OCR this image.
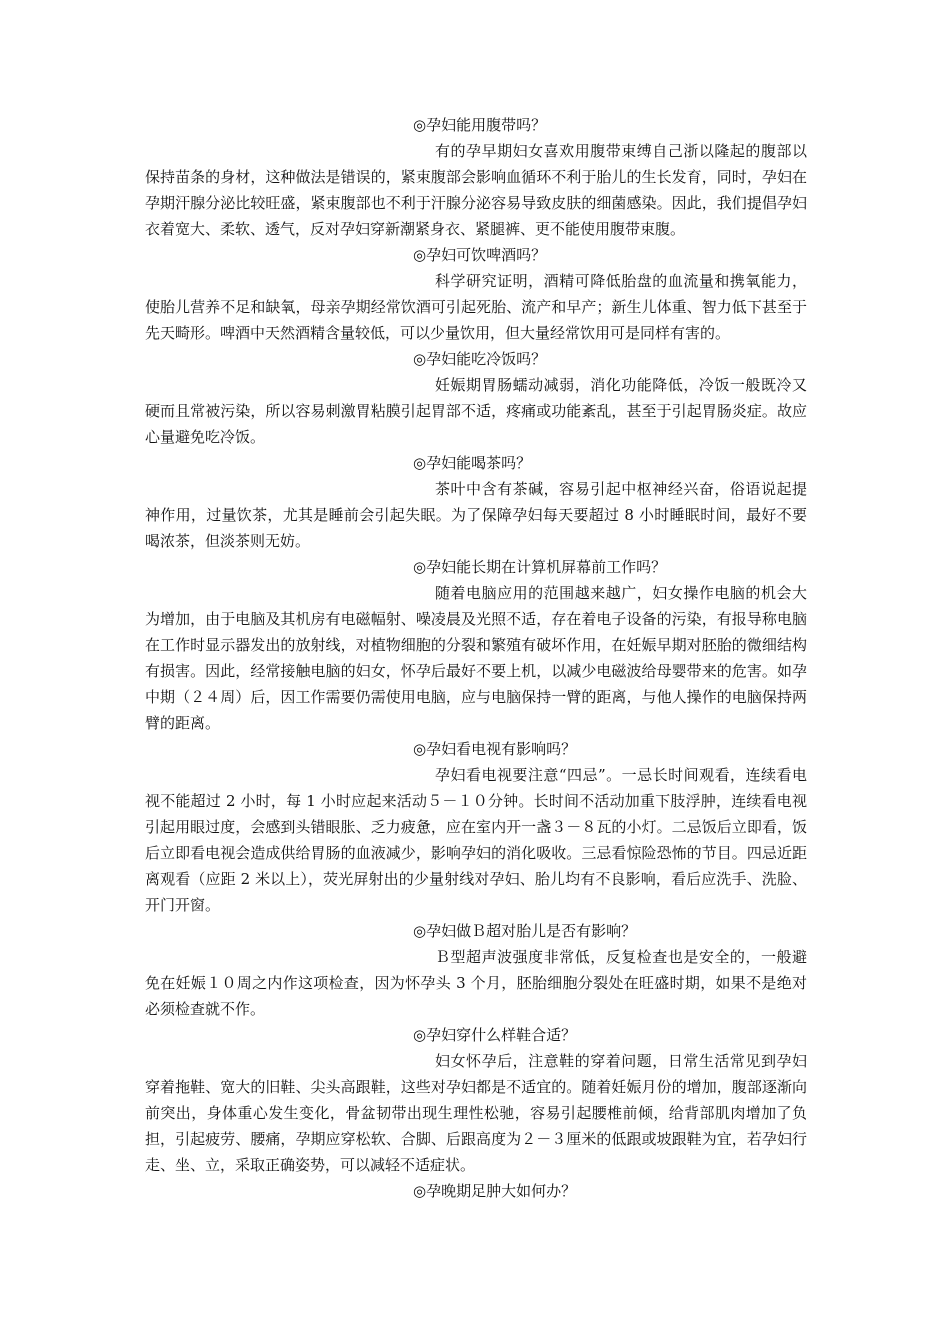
◎孕妇能用腹带吗？

有的孕早期妇女喜欢用腹带束缚自己浙以隆起的腹部以保持苗条的身材，这种做法是错误的，紧束腹部会影响血循环不利于胎儿的生长发育，同时，孕妇在孕期汗腺分泌比较旺盛，紧束腹部也不利于汗腺分泌容易导致皮肤的细菌感染。因此，我们提倡孕妇衣着宽大、柔软、透气，反对孕妇穿新潮紧身衣、紧腿裤、更不能使用腹带束腹。

◎孕妇可饮啤酒吗？

科学研究证明，酒精可降低胎盘的血流量和携氧能力，使胎儿营养不足和缺氧，母亲孕期经常饮酒可引起死胎、流产和早产；新生儿体重、智力低下甚至于先天畸形。啤酒中天然酒精含量较低，可以少量饮用，但大量经常饮用可是同样有害的。

◎孕妇能吃冷饭吗？

妊娠期胃肠蠕动减弱，消化功能降低，冷饭一般既冷又硬而且常被污染，所以容易刺激胃粘膜引起胃部不适，疼痛或功能紊乱，甚至于引起胃肠炎症。故应心量避免吃冷饭。

◎孕妇能喝茶吗？

茶叶中含有茶碱，容易引起中枢神经兴奋，俗语说起提神作用，过量饮茶，尤其是睡前会引起失眠。为了保障孕妇每天要超过 8 小时睡眠时间，最好不要喝浓茶，但淡茶则无妨。

◎孕妇能长期在计算机屏幕前工作吗？

随着电脑应用的范围越来越广，妇女操作电脑的机会大为增加，由于电脑及其机房有电磁幅射、噪凌晨及光照不适，存在着电子设备的污染，有报导称电脑在工作时显示器发出的放射线，对植物细胞的分裂和繁殖有破坏作用，在妊娠早期对胚胎的微细结构有损害。因此，经常接触电脑的妇女，怀孕后最好不要上机，以减少电磁波给母婴带来的危害。如孕中期（２４周）后，因工作需要仍需使用电脑，应与电脑保持一臂的距离，与他人操作的电脑保持两臂的距离。

◎孕妇看电视有影响吗？

孕妇看电视要注意“四忌”。一忌长时间观看，连续看电视不能超过 2 小时，每 1 小时应起来活动５－１０分钟。长时间不活动加重下肢浮肿，连续看电视引起用眼过度，会感到头错眼胀、乏力疲惫，应在室内开一盏３－８瓦的小灯。二忌饭后立即看，饭后立即看电视会造成供给胃肠的血液减少，影响孕妇的消化吸收。三忌看惊险恐怖的节目。四忌近距离观看（应距 2 米以上），荧光屏射出的少量射线对孕妇、胎儿均有不良影响，看后应洗手、洗脸、开门开窗。

◎孕妇做Ｂ超对胎儿是否有影响？

Ｂ型超声波强度非常低，反复检查也是安全的，一般避免在妊娠１０周之内作这项检查，因为怀孕头 3 个月，胚胎细胞分裂处在旺盛时期，如果不是绝对必须检查就不作。

◎孕妇穿什么样鞋合适？

妇女怀孕后，注意鞋的穿着问题，日常生活常见到孕妇穿着拖鞋、宽大的旧鞋、尖头高跟鞋，这些对孕妇都是不适宜的。随着妊娠月份的增加，腹部逐渐向前突出，身体重心发生变化，骨盆韧带出现生理性松驰，容易引起腰椎前倾，给背部肌肉增加了负担，引起疲劳、腰痛，孕期应穿松软、合脚、后跟高度为２－３厘米的低跟或坡跟鞋为宜，若孕妇行走、坐、立，采取正确姿势，可以减轻不适症状。

◎孕晚期足肿大如何办？
